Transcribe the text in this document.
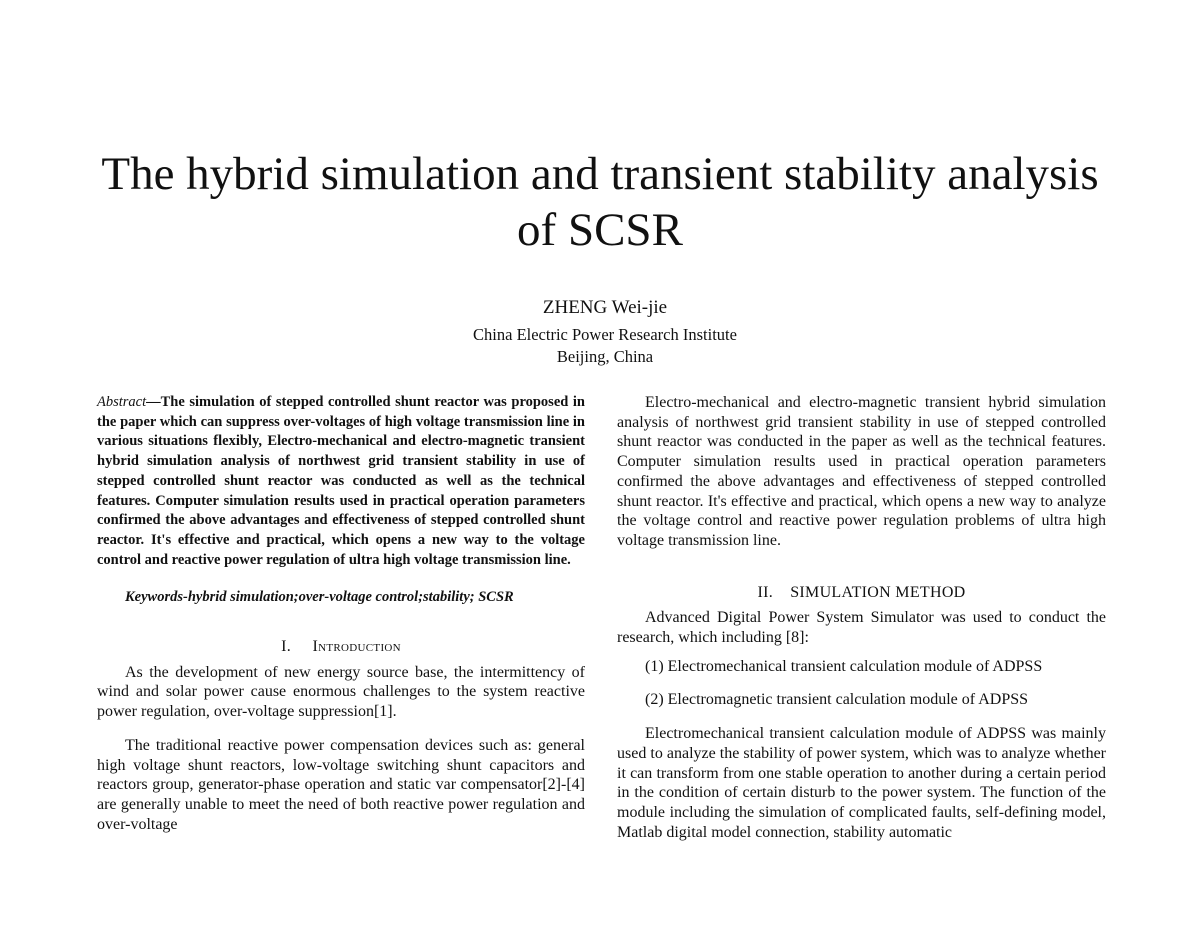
The hybrid simulation and transient stability analysis
of SCSR
ZHENG Wei-jie
China Electric Power Research Institute
Beijing, China

Abstract—The simulation of stepped controlled shunt reactor was proposed in the paper which can suppress over-voltages of high voltage transmission line in various situations flexibly, Electro-mechanical and electro-magnetic transient hybrid simulation analysis of northwest grid transient stability in use of stepped controlled shunt reactor was conducted as well as the technical features. Computer simulation results used in practical operation parameters confirmed the above advantages and effectiveness of stepped controlled shunt reactor. It's effective and practical, which opens a new way to the voltage control and reactive power regulation of ultra high voltage transmission line.

Keywords-hybrid simulation;over-voltage control;stability; SCSR

I. Introduction

As the development of new energy source base, the intermittency of wind and solar power cause enormous challenges to the system reactive power regulation, over-voltage suppression[1].

The traditional reactive power compensation devices such as: general high voltage shunt reactors, low-voltage switching shunt capacitors and reactors group, generator-phase operation and static var compensator[2]-[4] are generally unable to meet the need of both reactive power regulation and over-voltage

Electro-mechanical and electro-magnetic transient hybrid simulation analysis of northwest grid transient stability in use of stepped controlled shunt reactor was conducted in the paper as well as the technical features. Computer simulation results used in practical operation parameters confirmed the above advantages and effectiveness of stepped controlled shunt reactor. It's effective and practical, which opens a new way to analyze the voltage control and reactive power regulation problems of ultra high voltage transmission line.

II. SIMULATION METHOD

Advanced Digital Power System Simulator was used to conduct the research, which including [8]:

(1) Electromechanical transient calculation module of ADPSS

(2) Electromagnetic transient calculation module of ADPSS

Electromechanical transient calculation module of ADPSS was mainly used to analyze the stability of power system, which was to analyze whether it can transform from one stable operation to another during a certain period in the condition of certain disturb to the power system. The function of the module including the simulation of complicated faults, self-defining model, Matlab digital model connection, stability automatic
